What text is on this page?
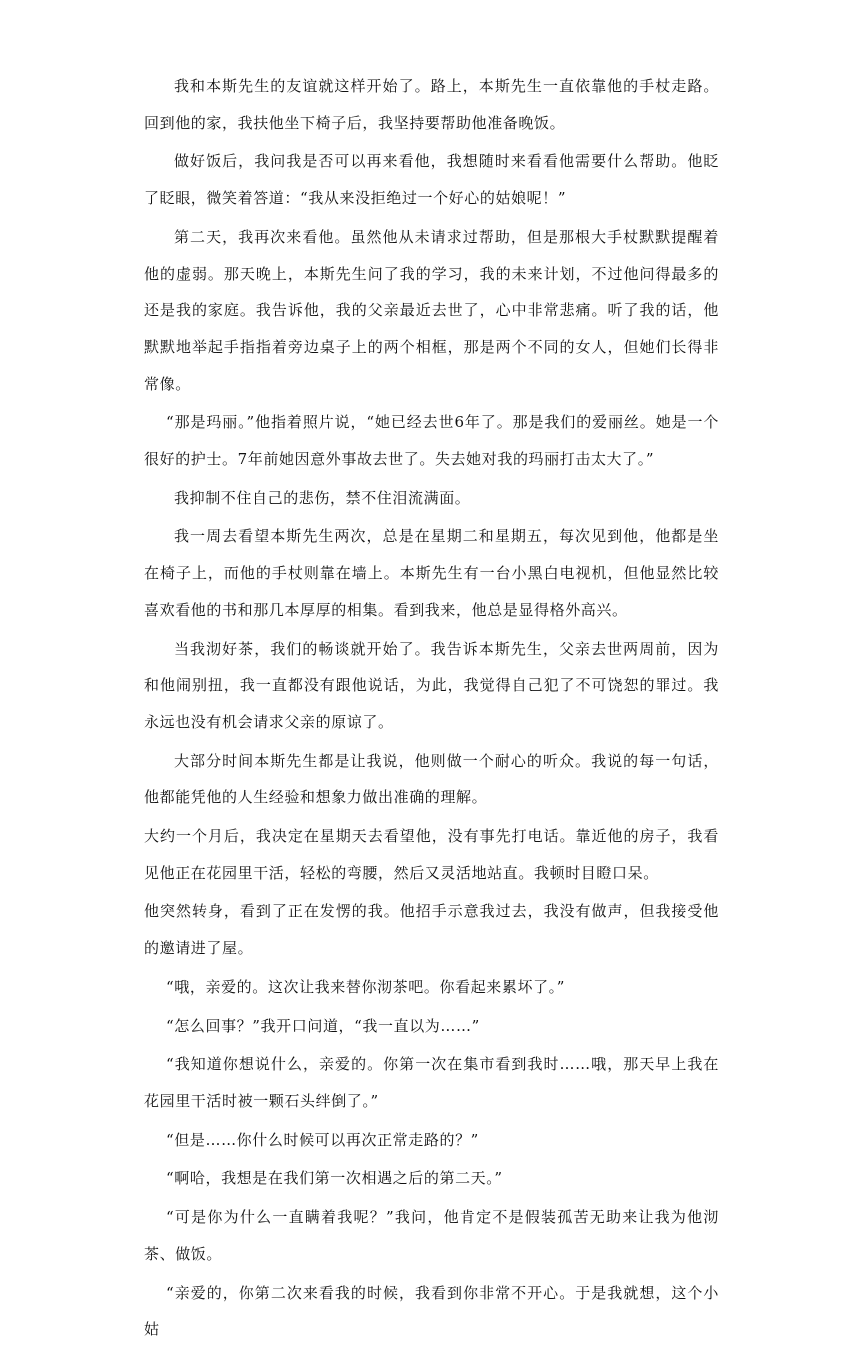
我和本斯先生的友谊就这样开始了。路上，本斯先生一直依靠他的手杖走路。回到他的家，我扶他坐下椅子后，我坚持要帮助他准备晚饭。

做好饭后，我问我是否可以再来看他，我想随时来看看他需要什么帮助。他眨了眨眼，微笑着答道：“我从来没拒绝过一个好心的姑娘呢！”

第二天，我再次来看他。虽然他从未请求过帮助，但是那根大手杖默默提醒着他的虚弱。那天晚上，本斯先生问了我的学习，我的未来计划，不过他问得最多的还是我的家庭。我告诉他，我的父亲最近去世了，心中非常悲痛。听了我的话，他默默地举起手指指着旁边桌子上的两个相框，那是两个不同的女人，但她们长得非常像。

“那是玛丽。”他指着照片说，“她已经去世6年了。那是我们的爱丽丝。她是一个很好的护士。7年前她因意外事故去世了。失去她对我的玛丽打击太大了。”

我抑制不住自己的悲伤，禁不住泪流满面。

我一周去看望本斯先生两次，总是在星期二和星期五，每次见到他，他都是坐在椅子上，而他的手杖则靠在墙上。本斯先生有一台小黑白电视机，但他显然比较喜欢看他的书和那几本厚厚的相集。看到我来，他总是显得格外高兴。

当我沏好茶，我们的畅谈就开始了。我告诉本斯先生，父亲去世两周前，因为和他闹别扭，我一直都没有跟他说话，为此，我觉得自己犯了不可饶恕的罪过。我永远也没有机会请求父亲的原谅了。

大部分时间本斯先生都是让我说，他则做一个耐心的听众。我说的每一句话，他都能凭他的人生经验和想象力做出准确的理解。

大约一个月后，我决定在星期天去看望他，没有事先打电话。靠近他的房子，我看见他正在花园里干活，轻松的弯腰，然后又灵活地站直。我顿时目瞪口呆。

他突然转身，看到了正在发愣的我。他招手示意我过去，我没有做声，但我接受他的邀请进了屋。

“哦，亲爱的。这次让我来替你沏茶吧。你看起来累坏了。”

“怎么回事？”我开口问道，“我一直以为……”

“我知道你想说什么，亲爱的。你第一次在集市看到我时……哦，那天早上我在花园里干活时被一颗石头绊倒了。”

“但是……你什么时候可以再次正常走路的？”

“啊哈，我想是在我们第一次相遇之后的第二天。”

“可是你为什么一直瞒着我呢？”我问，他肯定不是假装孤苦无助来让我为他沏茶、做饭。

“亲爱的，你第二次来看我的时候，我看到你非常不开心。于是我就想，这个小姑
